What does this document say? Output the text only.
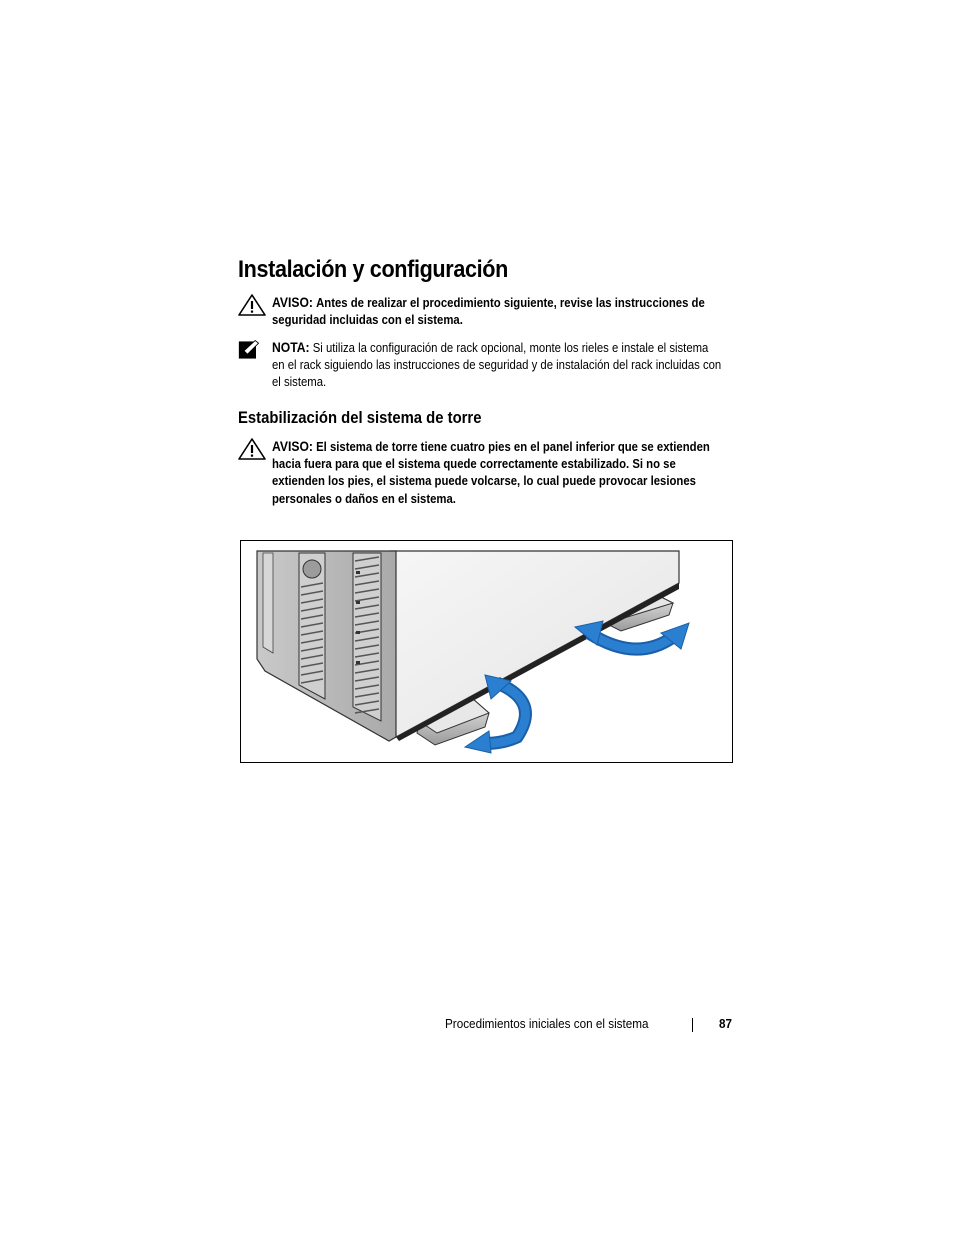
Instalación y configuración
AVISO: Antes de realizar el procedimiento siguiente, revise las instrucciones de seguridad incluidas con el sistema.
NOTA: Si utiliza la configuración de rack opcional, monte los rieles e instale el sistema en el rack siguiendo las instrucciones de seguridad y de instalación del rack incluidas con el sistema.
Estabilización del sistema de torre
AVISO: El sistema de torre tiene cuatro pies en el panel inferior que se extienden hacia fuera para que el sistema quede correctamente estabilizado. Si no se extienden los pies, el sistema puede volcarse, lo cual puede provocar lesiones personales o daños en el sistema.
Procedimientos iniciales con el sistema	87
